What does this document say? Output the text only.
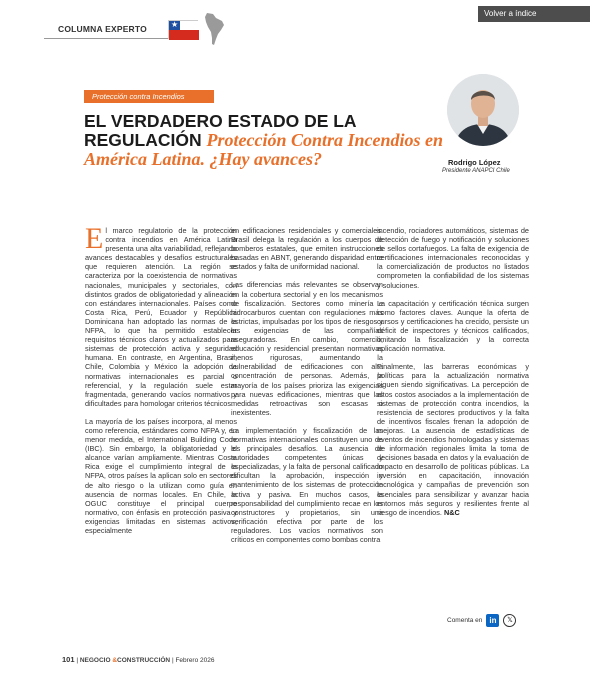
COLUMNA EXPERTO	★
Volver a índice
Protección contra Incendios
EL VERDADERO ESTADO DE LA REGULACIÓN Protección Contra Incendios en América Latina. ¿Hay avances?	Rodrigo López
Presidente ANAPCI Chile

El marco regulatorio de la protección contra incendios en América Latina presenta una alta variabilidad, reflejando avances destacables y desafíos estructurales que requieren atención. La región se caracteriza por la coexistencia de normativas nacionales, municipales y sectoriales, con distintos grados de obligatoriedad y alineación con estándares internacionales. Países como Costa Rica, Perú, Ecuador y República Dominicana han adoptado las normas de la NFPA, lo que ha permitido establecer requisitos técnicos claros y actualizados para sistemas de protección activa y seguridad humana. En contraste, en Argentina, Brasil, Chile, Colombia y México la adopción de normativas internacionales es parcial o referencial, y la regulación suele estar fragmentada, generando vacíos normativos y dificultades para homologar criterios técnicos.

La mayoría de los países incorpora, al menos como referencia, estándares como NFPA y, en menor medida, el International Building Code (IBC). Sin embargo, la obligatoriedad y el alcance varían ampliamente. Mientras Costa Rica exige el cumplimiento integral de la NFPA, otros países la aplican solo en sectores de alto riesgo o la utilizan como guía en ausencia de normas locales. En Chile, la OGUC constituye el principal cuerpo normativo, con énfasis en protección pasiva y exigencias limitadas en sistemas activos, especialmente

en edificaciones residenciales y comerciales. Brasil delega la regulación a los cuerpos de bomberos estatales, que emiten instrucciones basadas en ABNT, generando disparidad entre estados y falta de uniformidad nacional.

Las diferencias más relevantes se observan en la cobertura sectorial y en los mecanismos de fiscalización. Sectores como minería e hidrocarburos cuentan con regulaciones más estrictas, impulsadas por los tipos de riesgos y las exigencias de las compañías aseguradoras. En cambio, comercio, educación y residencial presentan normativas menos rigurosas, aumentando la vulnerabilidad de edificaciones con alta concentración de personas. Además, la mayoría de los países prioriza las exigencias para nuevas edificaciones, mientras que las medidas retroactivas son escasas o inexistentes.

La implementación y fiscalización de las normativas internacionales constituyen uno de los principales desafíos. La ausencia de autoridades competentes únicas y especializadas, y la falta de personal calificado dificultan la aprobación, inspección y mantenimiento de los sistemas de protección activa y pasiva. En muchos casos, la responsabilidad del cumplimiento recae en los constructores y propietarios, sin una verificación efectiva por parte de los reguladores. Los vacíos normativos son críticos en componentes como bombas contra

incendio, rociadores automáticos, sistemas de detección de fuego y notificación y soluciones de sellos cortafuegos. La falta de exigencia de certificaciones internacionales reconocidas y la comercialización de productos no listados comprometen la confiabilidad de los sistemas y soluciones.

La capacitación y certificación técnica surgen como factores claves. Aunque la oferta de cursos y certificaciones ha crecido, persiste un déficit de inspectores y técnicos calificados, limitando la fiscalización y la correcta aplicación normativa.

Finalmente, las barreras económicas y políticas para la actualización normativa siguen siendo significativas. La percepción de altos costos asociados a la implementación de sistemas de protección contra incendios, la resistencia de sectores productivos y la falta de incentivos fiscales frenan la adopción de mejoras. La ausencia de estadísticas de eventos de incendios homologadas y sistemas de información regionales limita la toma de decisiones basada en datos y la evaluación de impacto en desarrollo de políticas públicas. La inversión en capacitación, innovación tecnológica y campañas de prevención son esenciales para sensibilizar y avanzar hacia entornos más seguros y resilientes frente al riesgo de incendios. N&C

Comenta en in	𝕏
101 | NEGOCIO &CONSTRUCCIÓN | Febrero 2026
